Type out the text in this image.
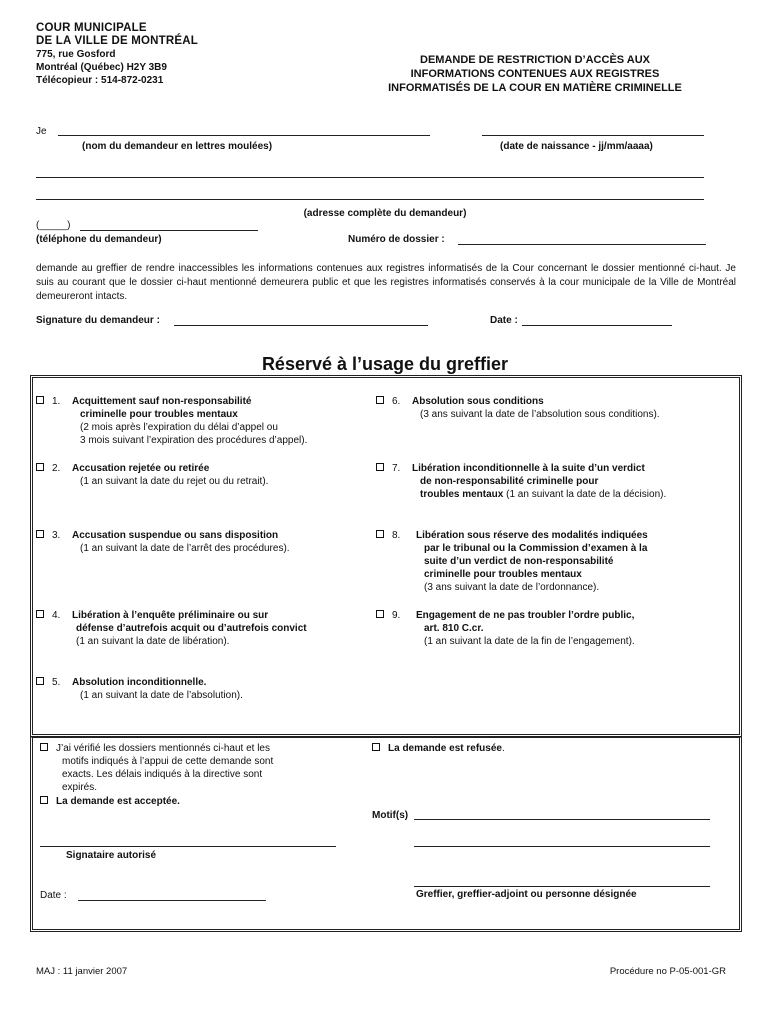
COUR MUNICIPALE
DE LA VILLE DE MONTRÉAL
775, rue Gosford
Montréal (Québec) H2Y 3B9
Télécopieur : 514-872-0231
DEMANDE DE RESTRICTION D’ACCÈS AUX
INFORMATIONS CONTENUES AUX REGISTRES
INFORMATISÉS DE LA COUR EN MATIÈRE CRIMINELLE
Je
(nom du demandeur en lettres moulées)	(date de naissance - jj/mm/aaaa)
(adresse complète du demandeur)
(_____)
(téléphone du demandeur)	Numéro de dossier :
demande au greffier de rendre inaccessibles les informations contenues aux registres informatisés de la Cour concernant le dossier mentionné ci-haut. Je suis au courant que le dossier ci-haut mentionné demeurera public et que les registres informatisés conservés à la cour municipale de la Ville de Montréal demeureront intacts.
Signature du demandeur :	Date :
Réservé à l’usage du greffier
1. Acquittement sauf non-responsabilité
criminelle pour troubles mentaux
(2 mois après l’expiration du délai d’appel ou
3 mois suivant l’expiration des procédures d’appel).
2. Accusation rejetée ou retirée
(1 an suivant la date du rejet ou du retrait).
3. Accusation suspendue ou sans disposition
(1 an suivant la date de l’arrêt des procédures).
4. Libération à l’enquête préliminaire ou sur
défense d’autrefois acquit ou d’autrefois convict
(1 an suivant la date de libération).
5. Absolution inconditionnelle.
(1 an suivant la date de l’absolution).
6. Absolution sous conditions
(3 ans suivant la date de l’absolution sous conditions).
7. Libération inconditionnelle à la suite d’un verdict
de non-responsabilité criminelle pour
troubles mentaux (1 an suivant la date de la décision).
8. Libération sous réserve des modalités indiquées
par le tribunal ou la Commission d’examen à la
suite d’un verdict de non-responsabilité
criminelle pour troubles mentaux
(3 ans suivant la date de l’ordonnance).
9. Engagement de ne pas troubler l’ordre public,
art. 810 C.cr.
(1 an suivant la date de la fin de l’engagement).
J’ai vérifié les dossiers mentionnés ci-haut et les
motifs indiqués à l’appui de cette demande sont
exacts. Les délais indiqués à la directive sont
expirés.
La demande est acceptée.
La demande est refusée.
Motif(s)
Signataire autorisé
Date :	Greffier, greffier-adjoint ou personne désignée
MAJ : 11 janvier 2007	Procédure no P-05-001-GR
